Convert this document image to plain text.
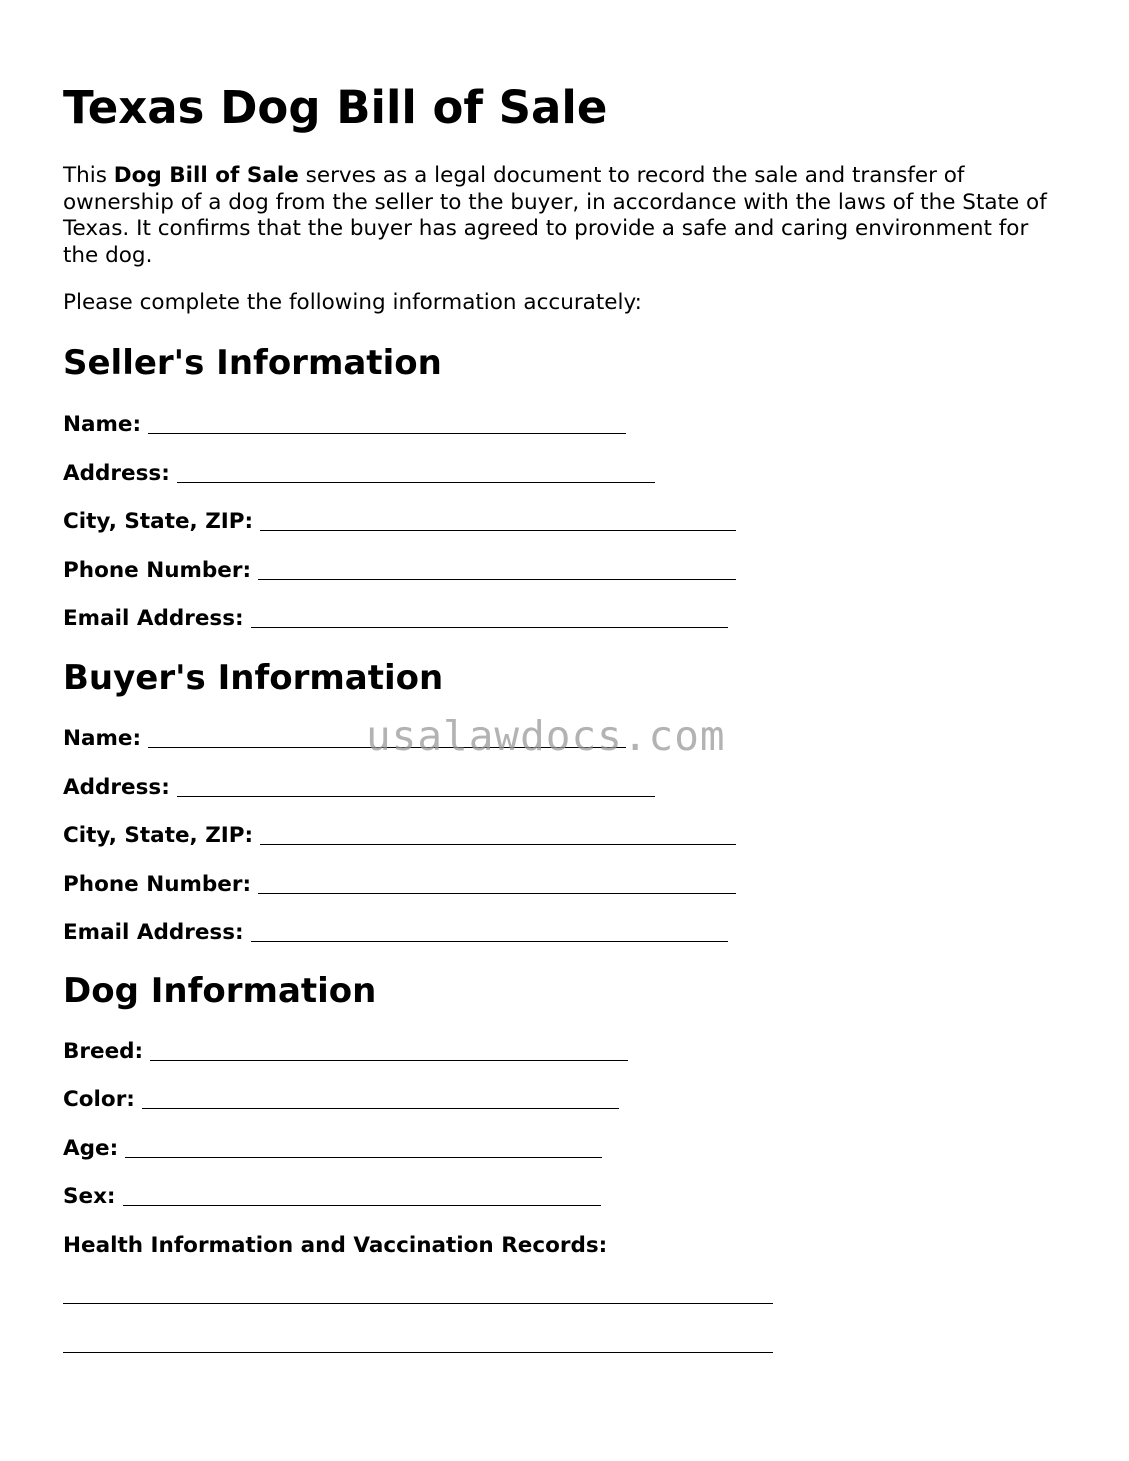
Texas Dog Bill of Sale

This Dog Bill of Sale serves as a legal document to record the sale and transfer of ownership of a dog from the seller to the buyer, in accordance with the laws of the State of Texas. It confirms that the buyer has agreed to provide a safe and caring environment for the dog.

Please complete the following information accurately:

Seller's Information
Name:
Address:
City, State, ZIP:
Phone Number:
Email Address:
Buyer's Information
Name:
Address:
City, State, ZIP:
Phone Number:
Email Address:
Dog Information
Breed:
Color:
Age:
Sex:
Health Information and Vaccination Records:
usalawdocs.com
